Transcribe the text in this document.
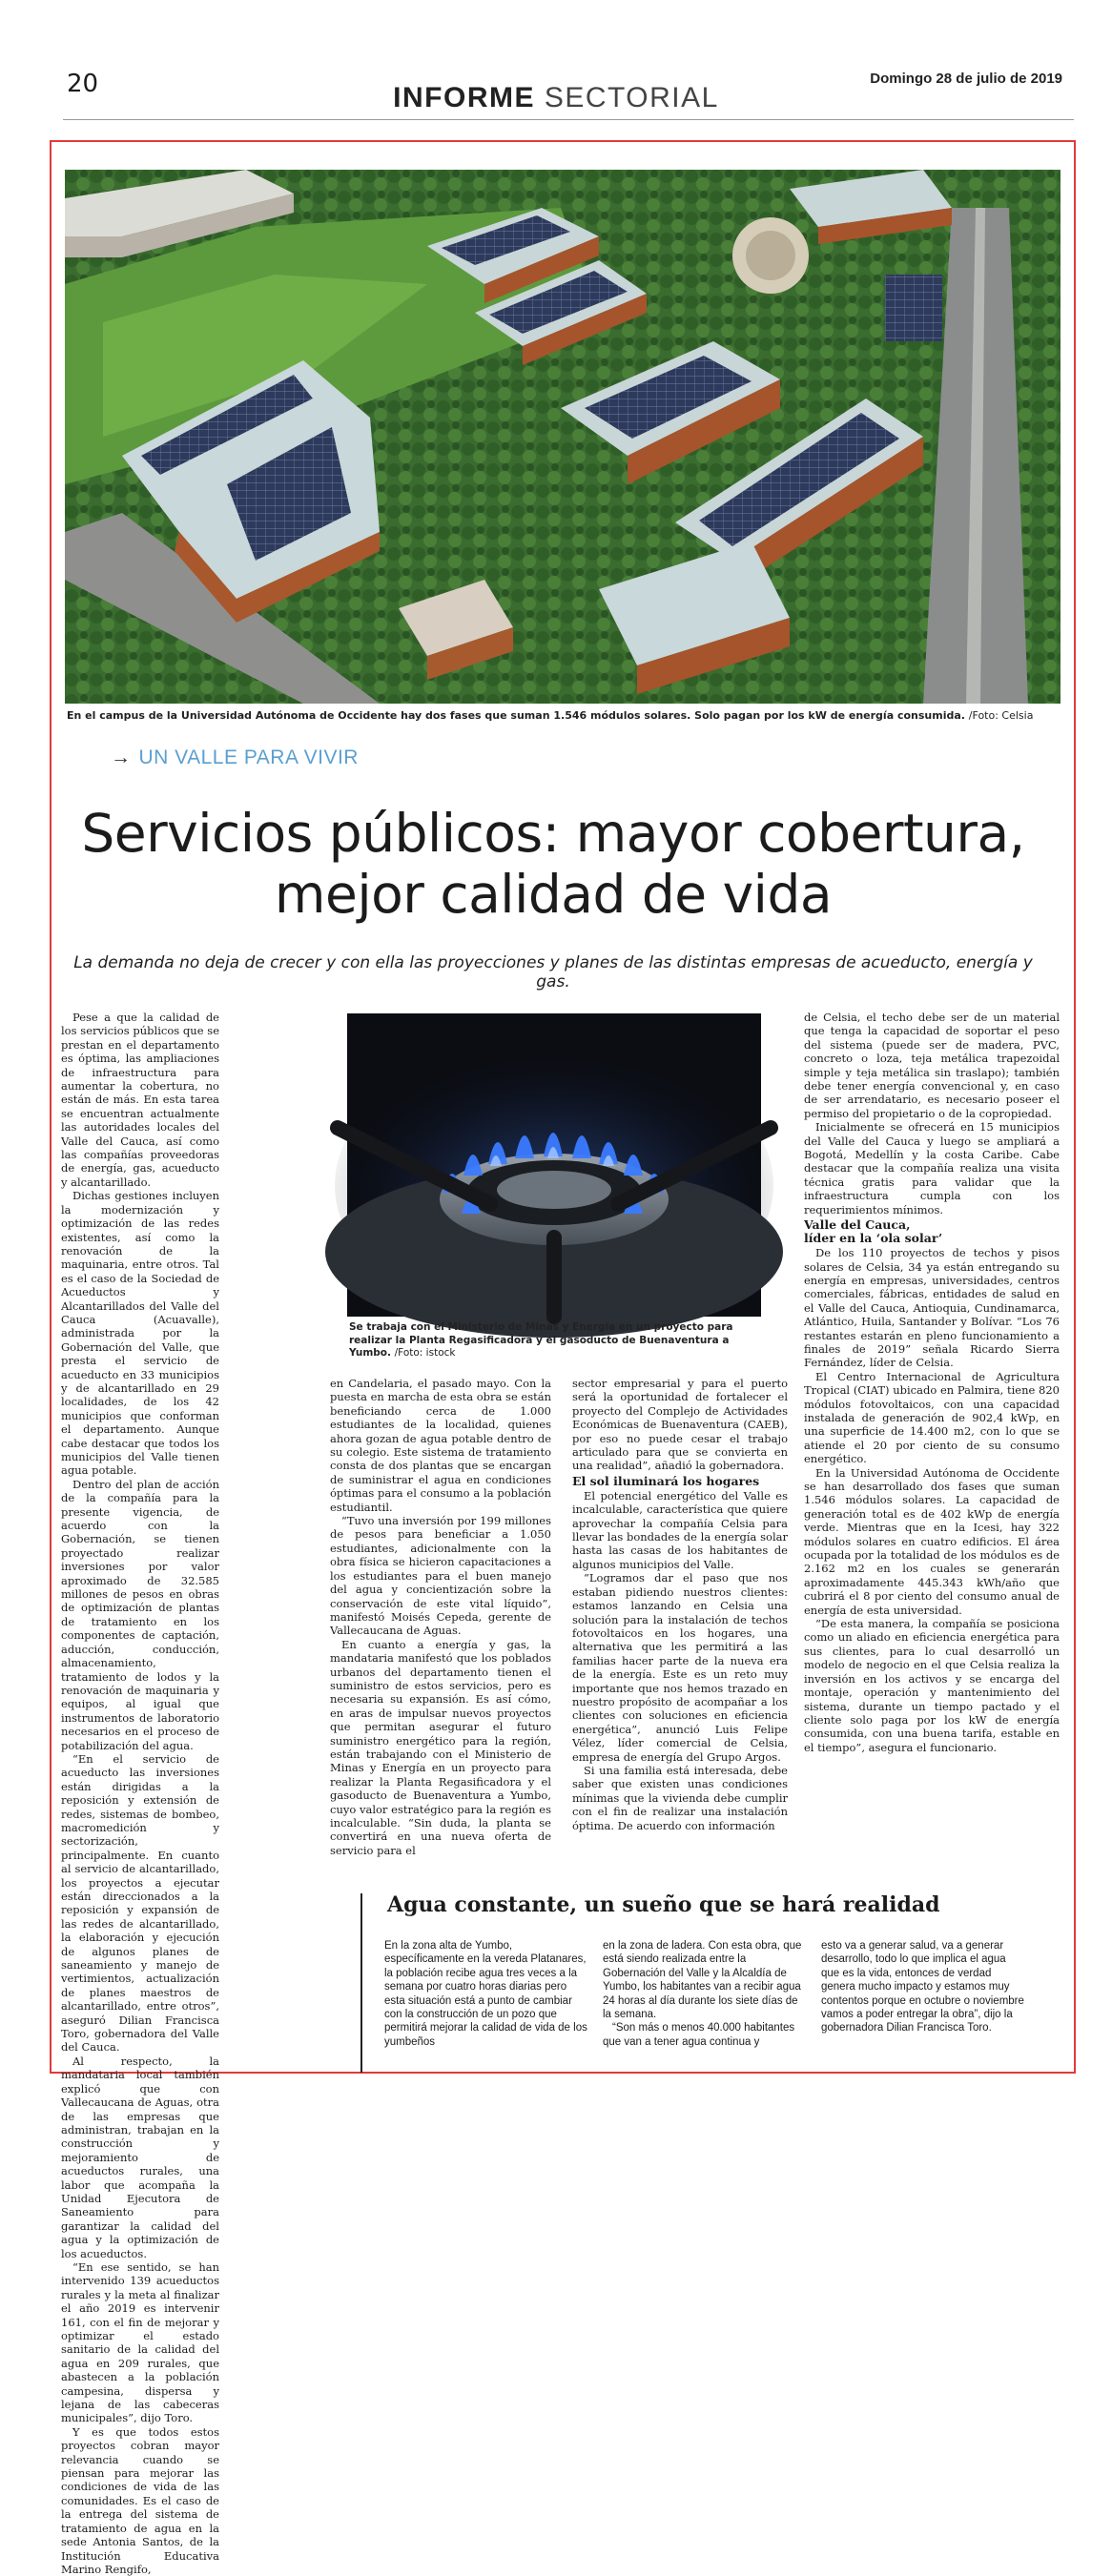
20	INFORME SECTORIAL
Domingo 28 de julio de 2019
En el campus de la Universidad Autónoma de Occidente hay dos fases que suman 1.546 módulos solares. Solo pagan por los kW de energía consumida. /Foto: Celsia
→ UN VALLE PARA VIVIR
Servicios públicos: mayor cobertura,
mejor calidad de vida
La demanda no deja de crecer y con ella las proyecciones y planes de las distintas empresas de acueducto, energía y gas.

Pese a que la calidad de los servicios públicos que se prestan en el departamento es óptima, las ampliaciones de infraestructura para aumentar la cobertura, no están de más. En esta tarea se encuentran actualmente las autoridades locales del Valle del Cauca, así como las compañías proveedoras de energía, gas, acueducto y alcantarillado.

Dichas gestiones incluyen la modernización y optimización de las redes existentes, así como la renovación de la maquinaria, entre otros. Tal es el caso de la Sociedad de Acueductos y Alcantarillados del Valle del Cauca (Acuavalle), administrada por la Gobernación del Valle, que presta el servicio de acueducto en 33 municipios y de alcantarillado en 29 localidades, de los 42 municipios que conforman el departamento. Aunque cabe destacar que todos los municipios del Valle tienen agua potable.

Dentro del plan de acción de la compañía para la presente vigencia, de acuerdo con la Gobernación, se tienen proyectado realizar inversiones por valor aproximado de 32.585 millones de pesos en obras de optimización de plantas de tratamiento en los componentes de captación, aducción, conducción, almacenamiento, tratamiento de lodos y la renovación de maquinaria y equipos, al igual que instrumentos de laboratorio necesarios en el proceso de potabilización del agua.

“En el servicio de acueducto las inversiones están dirigidas a la reposición y extensión de redes, sistemas de bombeo, macromedición y sectorización, principalmente. En cuanto al servicio de alcantarillado, los proyectos a ejecutar están direccionados a la reposición y expansión de las redes de alcantarillado, la elaboración y ejecución de algunos planes de saneamiento y manejo de vertimientos, actualización de planes maestros de alcantarillado, entre otros”, aseguró Dilian Francisca Toro, gobernadora del Valle del Cauca.

Al respecto, la mandataria local también explicó que con Vallecaucana de Aguas, otra de las empresas que administran, trabajan en la construcción y mejoramiento de acueductos rurales, una labor que acompaña la Unidad Ejecutora de Saneamiento para garantizar la calidad del agua y la optimización de los acueductos.

“En ese sentido, se han intervenido 139 acueductos rurales y la meta al finalizar el año 2019 es intervenir 161, con el fin de mejorar y optimizar el estado sanitario de la calidad del agua en 209 rurales, que abastecen a la población campesina, dispersa y lejana de las cabeceras municipales”, dijo Toro.

Y es que todos estos proyectos cobran mayor relevancia cuando se piensan para mejorar las condiciones de vida de las comunidades. Es el caso de la entrega del sistema de tratamiento de agua en la sede Antonia Santos, de la Institución Educativa Marino Rengifo,

Se trabaja con el Ministerio de Minas y Energía en un proyecto para realizar la Planta Regasificadora y el gasoducto de Buenaventura a Yumbo. /Foto: istock

en Candelaria, el pasado mayo. Con la puesta en marcha de esta obra se están beneficiando cerca de 1.000 estudiantes de la localidad, quienes ahora gozan de agua potable dentro de su colegio. Este sistema de tratamiento consta de dos plantas que se encargan de suministrar el agua en condiciones óptimas para el consumo a la población estudiantil.

“Tuvo una inversión por 199 millones de pesos para beneficiar a 1.050 estudiantes, adicionalmente con la obra física se hicieron capacitaciones a los estudiantes para el buen manejo del agua y concientización sobre la conservación de este vital líquido”, manifestó Moisés Cepeda, gerente de Vallecaucana de Aguas.

En cuanto a energía y gas, la mandataria manifestó que los poblados urbanos del departamento tienen el suministro de estos servicios, pero es necesaria su expansión. Es así cómo, en aras de impulsar nuevos proyectos que permitan asegurar el futuro suministro energético para la región, están trabajando con el Ministerio de Minas y Energía en un proyecto para realizar la Planta Regasificadora y el gasoducto de Buenaventura a Yumbo, cuyo valor estratégico para la región es incalculable. “Sin duda, la planta se convertirá en una nueva oferta de servicio para el

sector empresarial y para el puerto será la oportunidad de fortalecer el proyecto del Complejo de Actividades Económicas de Buenaventura (CAEB), por eso no puede cesar el trabajo articulado para que se convierta en una realidad”, añadió la gobernadora.

El sol iluminará los hogares

El potencial energético del Valle es incalculable, característica que quiere aprovechar la compañía Celsia para llevar las bondades de la energía solar hasta las casas de los habitantes de algunos municipios del Valle.

“Logramos dar el paso que nos estaban pidiendo nuestros clientes: estamos lanzando en Celsia una solución para la instalación de techos fotovoltaicos en los hogares, una alternativa que les permitirá a las familias hacer parte de la nueva era de la energía. Este es un reto muy importante que nos hemos trazado en nuestro propósito de acompañar a los clientes con soluciones en eficiencia energética”, anunció Luis Felipe Vélez, líder comercial de Celsia, empresa de energía del Grupo Argos.

Si una familia está interesada, debe saber que existen unas condiciones mínimas que la vivienda debe cumplir con el fin de realizar una instalación óptima. De acuerdo con información

de Celsia, el techo debe ser de un material que tenga la capacidad de soportar el peso del sistema (puede ser de madera, PVC, concreto o loza, teja metálica trapezoidal simple y teja metálica sin traslapo); también debe tener energía convencional y, en caso de ser arrendatario, es necesario poseer el permiso del propietario o de la copropiedad.

Inicialmente se ofrecerá en 15 municipios del Valle del Cauca y luego se ampliará a Bogotá, Medellín y la costa Caribe. Cabe destacar que la compañía realiza una visita técnica gratis para validar que la infraestructura cumpla con los requerimientos mínimos.

Valle del Cauca,
líder en la ‘ola solar’

De los 110 proyectos de techos y pisos solares de Celsia, 34 ya están entregando su energía en empresas, universidades, centros comerciales, fábricas, entidades de salud en el Valle del Cauca, Antioquia, Cundinamarca, Atlántico, Huila, Santander y Bolívar. “Los 76 restantes estarán en pleno funcionamiento a finales de 2019” señala Ricardo Sierra Fernández, líder de Celsia.

El Centro Internacional de Agricultura Tropical (CIAT) ubicado en Palmira, tiene 820 módulos fotovoltaicos, con una capacidad instalada de generación de 902,4 kWp, en una superficie de 14.400 m2, con lo que se atiende el 20 por ciento de su consumo energético.

En la Universidad Autónoma de Occidente se han desarrollado dos fases que suman 1.546 módulos solares. La capacidad de generación total es de 402 kWp de energía verde. Mientras que en la Icesi, hay 322 módulos solares en cuatro edificios. El área ocupada por la totalidad de los módulos es de 2.162 m2 en los cuales se generarán aproximadamente 445.343 kWh/año que cubrirá el 8 por ciento del consumo anual de energía de esta universidad.

“De esta manera, la compañía se posiciona como un aliado en eficiencia energética para sus clientes, para lo cual desarrolló un modelo de negocio en el que Celsia realiza la inversión en los activos y se encarga del montaje, operación y mantenimiento del sistema, durante un tiempo pactado y el cliente solo paga por los kW de energía consumida, con una buena tarifa, estable en el tiempo”, asegura el funcionario.

Agua constante, un sueño que se hará realidad

En la zona alta de Yumbo, específicamente en la vereda Platanares, la población recibe agua tres veces a la semana por cuatro horas diarias pero esta situación está a punto de cambiar con la construcción de un pozo que permitirá mejorar la calidad de vida de los yumbeños

en la zona de ladera. Con esta obra, que está siendo realizada entre la Gobernación del Valle y la Alcaldía de Yumbo, los habitantes van a recibir agua 24 horas al día durante los siete días de la semana.

“Son más o menos 40.000 habitantes que van a tener agua continua y

esto va a generar salud, va a generar desarrollo, todo lo que implica el agua que es la vida, entonces de verdad genera mucho impacto y estamos muy contentos porque en octubre o noviembre vamos a poder entregar la obra”, dijo la gobernadora Dilian Francisca Toro.
